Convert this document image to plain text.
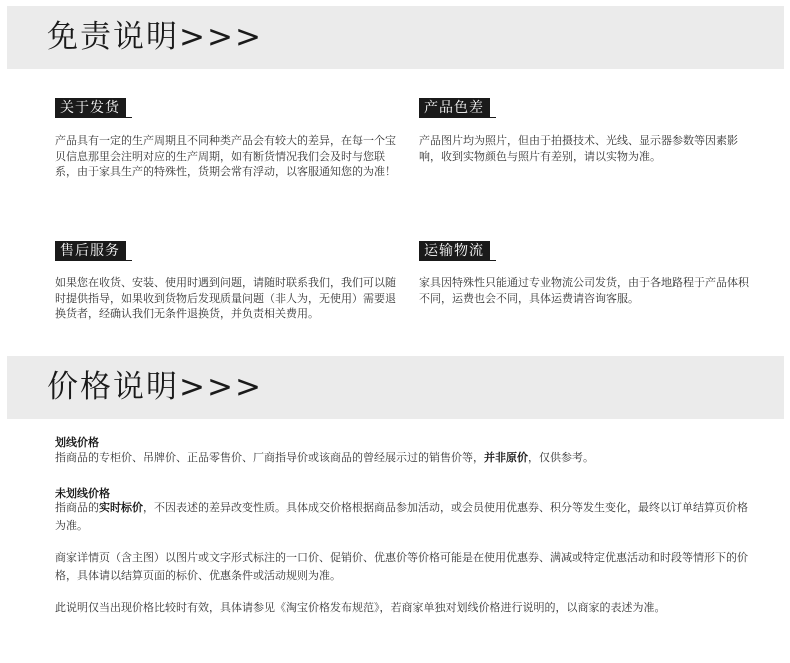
免责说明>>>
关于发货

产品具有一定的生产周期且不同种类产品会有较大的差异，在每一个宝贝信息那里会注明对应的生产周期，如有断货情况我们会及时与您联系，由于家具生产的特殊性，货期会常有浮动，以客服通知您的为准！

产品色差

产品图片均为照片，但由于拍摄技术、光线、显示器参数等因素影响，收到实物颜色与照片有差别，请以实物为准。

售后服务

如果您在收货、安装、使用时遇到问题，请随时联系我们，我们可以随时提供指导，如果收到货物后发现质量问题（非人为，无使用）需要退换货者，经确认我们无条件退换货，并负责相关费用。

运输物流

家具因特殊性只能通过专业物流公司发货，由于各地路程于产品体积不同，运费也会不同，具体运费请咨询客服。

价格说明>>>
划线价格
指商品的专柜价、吊牌价、正品零售价、厂商指导价或该商品的曾经展示过的销售价等，并非原价，仅供参考。
未划线价格
指商品的实时标价，不因表述的差异改变性质。具体成交价格根据商品参加活动，或会员使用优惠券、积分等发生变化，最终以订单结算页价格为准。
商家详情页（含主图）以图片或文字形式标注的一口价、促销价、优惠价等价格可能是在使用优惠券、满减或特定优惠活动和时段等情形下的价格，具体请以结算页面的标价、优惠条件或活动规则为准。
此说明仅当出现价格比较时有效，具体请参见《淘宝价格发布规范》，若商家单独对划线价格进行说明的，以商家的表述为准。
